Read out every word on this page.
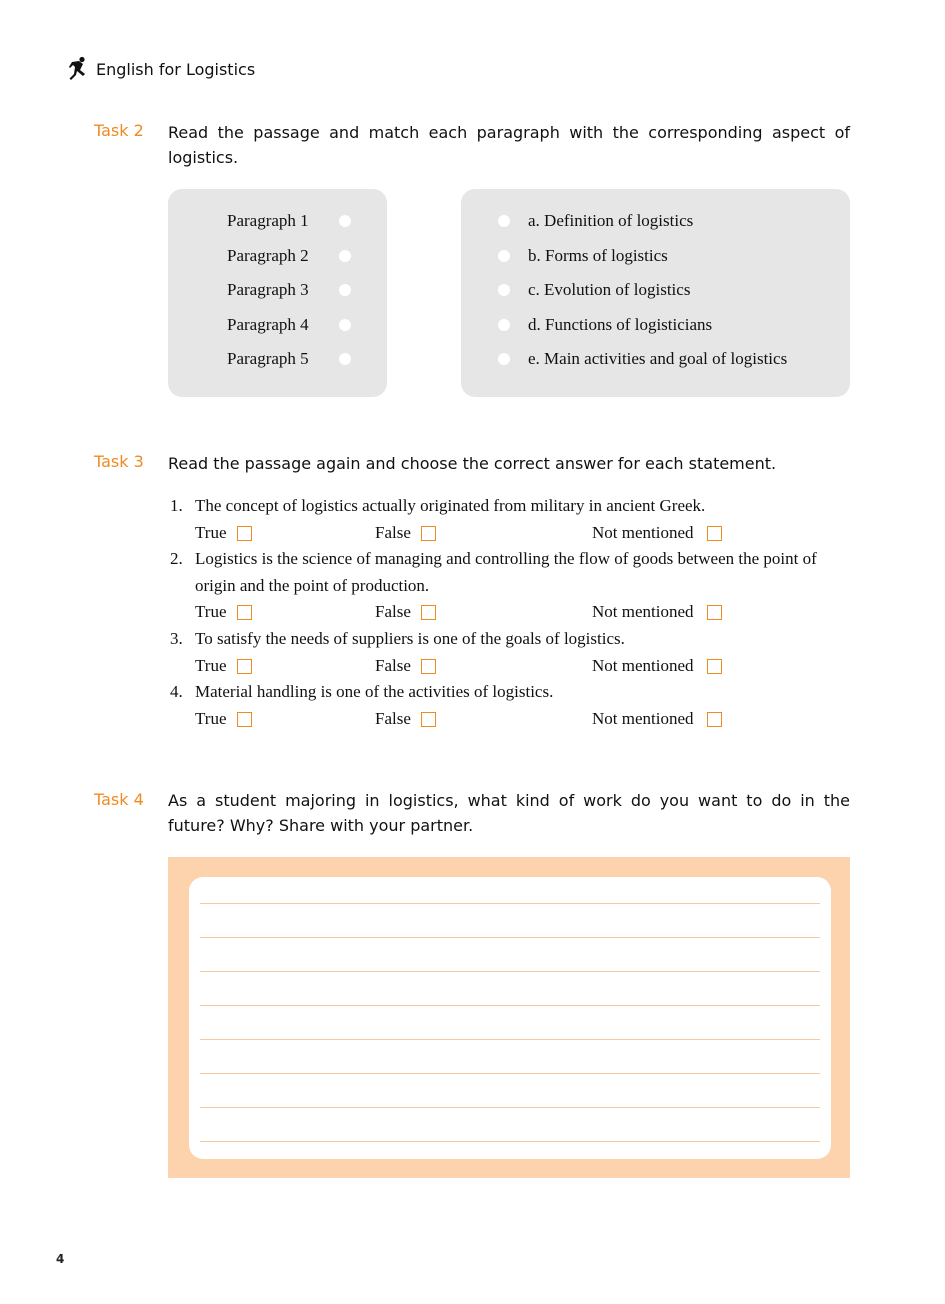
English for Logistics
Task 2 Read the passage and match each paragraph with the corresponding aspect of logistics.
Paragraph 1
Paragraph 2
Paragraph 3
Paragraph 4
Paragraph 5
a. Definition of logistics
b. Forms of logistics
c. Evolution of logistics
d. Functions of logisticians
e. Main activities and goal of logistics
Task 3 Read the passage again and choose the correct answer for each statement.
1. The concept of logistics actually originated from military in ancient Greek.
True	False	Not mentioned
2. Logistics is the science of managing and controlling the flow of goods between the point of
origin and the point of production.
True	False	Not mentioned
3. To satisfy the needs of suppliers is one of the goals of logistics.
True	False	Not mentioned
4. Material handling is one of the activities of logistics.
True	False	Not mentioned
Task 4 As a student majoring in logistics, what kind of work do you want to do in the future? Why? Share with your partner.
4
